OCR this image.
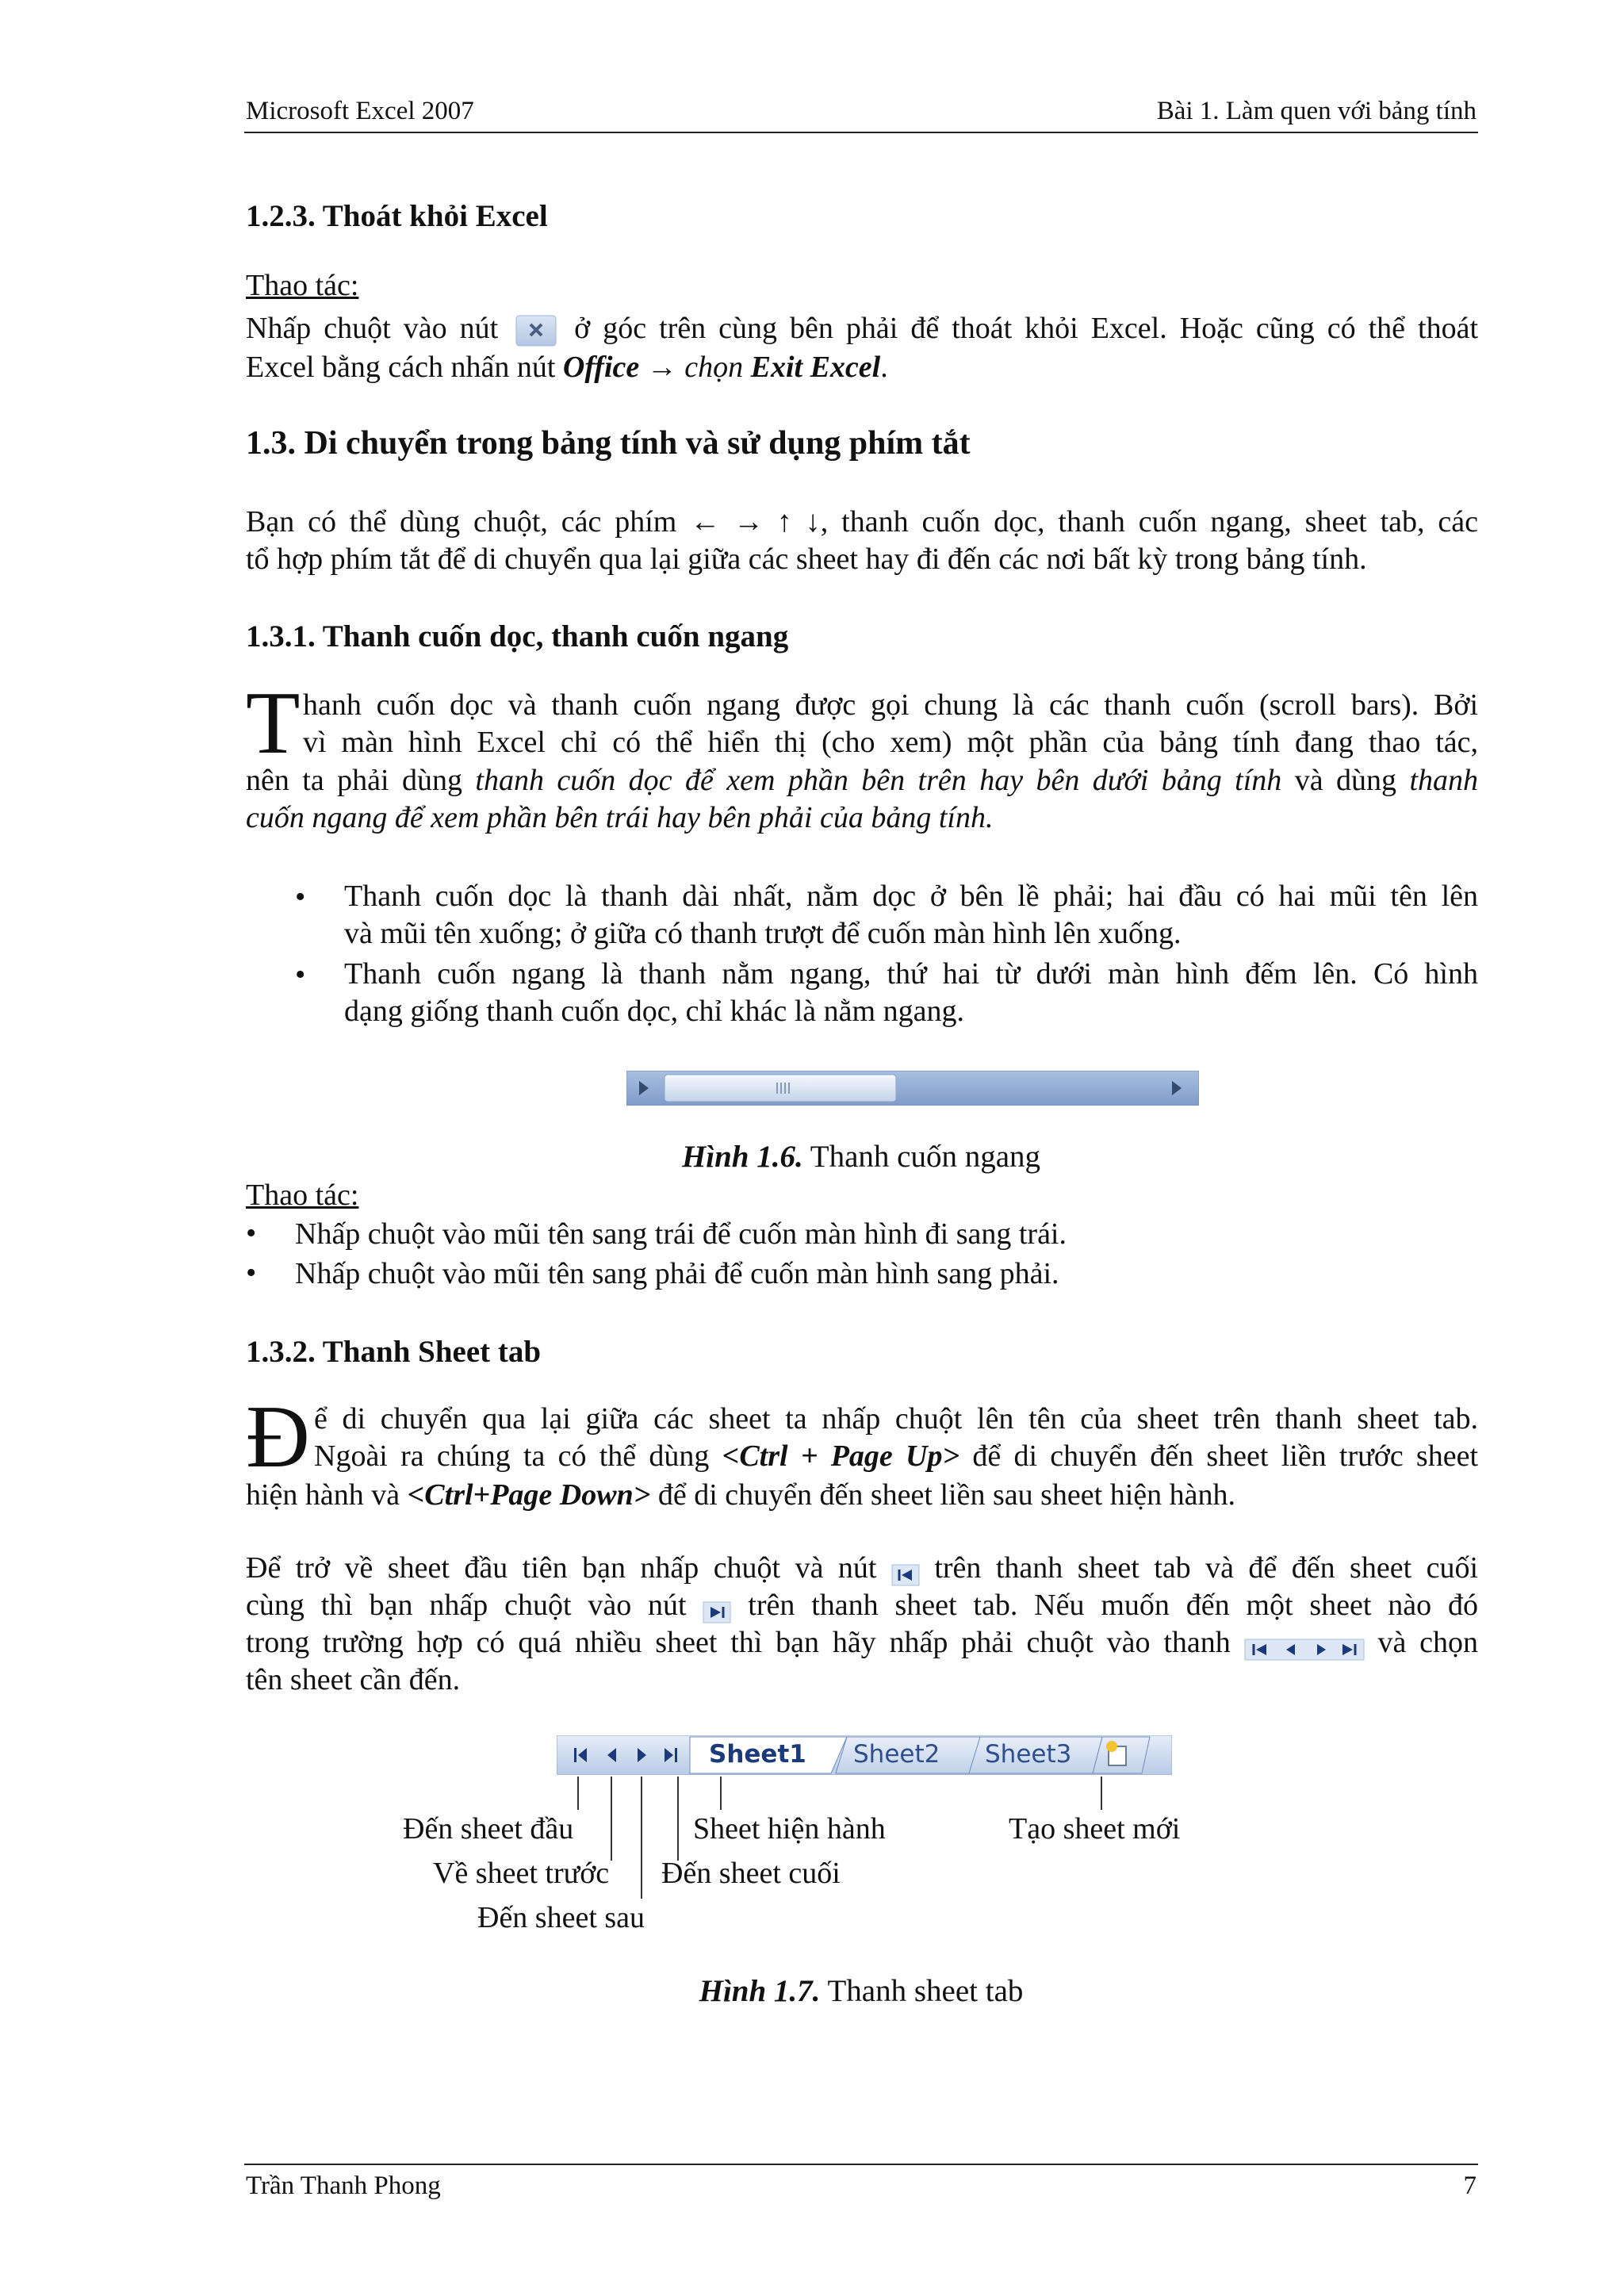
Microsoft Excel 2007	Bài 1. Làm quen với bảng tính
1.2.3. Thoát khỏi Excel
Thao tác:
Nhấp chuột vào nút	ở góc trên cùng bên phải để thoát khỏi Excel. Hoặc cũng có thể thoát
Excel bằng cách nhấn nút Office → chọn Exit Excel.
1.3. Di chuyển trong bảng tính và sử dụng phím tắt
Bạn có thể dùng chuột, các phím ← → ↑ ↓, thanh cuốn dọc, thanh cuốn ngang, sheet tab, các
tổ hợp phím tắt để di chuyển qua lại giữa các sheet hay đi đến các nơi bất kỳ trong bảng tính.
1.3.1. Thanh cuốn dọc, thanh cuốn ngang
T hanh cuốn dọc và thanh cuốn ngang được gọi chung là các thanh cuốn (scroll bars). Bởi
vì màn hình Excel chỉ có thể hiển thị (cho xem) một phần của bảng tính đang thao tác,
nên ta phải dùng thanh cuốn dọc để xem phần bên trên hay bên dưới bảng tính và dùng thanh
cuốn ngang để xem phần bên trái hay bên phải của bảng tính.
• Thanh cuốn dọc là thanh dài nhất, nằm dọc ở bên lề phải; hai đầu có hai mũi tên lên
và mũi tên xuống; ở giữa có thanh trượt để cuốn màn hình lên xuống.
• Thanh cuốn ngang là thanh nằm ngang, thứ hai từ dưới màn hình đếm lên. Có hình
dạng giống thanh cuốn dọc, chỉ khác là nằm ngang.
Hình 1.6. Thanh cuốn ngang
Thao tác:
• Nhấp chuột vào mũi tên sang trái để cuốn màn hình đi sang trái.
• Nhấp chuột vào mũi tên sang phải để cuốn màn hình sang phải.
1.3.2. Thanh Sheet tab
Đ ể di chuyển qua lại giữa các sheet ta nhấp chuột lên tên của sheet trên thanh sheet tab.
Ngoài ra chúng ta có thể dùng <Ctrl + Page Up> để di chuyển đến sheet liền trước sheet
hiện hành và <Ctrl+Page Down> để di chuyển đến sheet liền sau sheet hiện hành.
Để trở về sheet đầu tiên bạn nhấp chuột và nút trên thanh sheet tab và để đến sheet cuối
cùng thì bạn nhấp chuột vào nút trên thanh sheet tab. Nếu muốn đến một sheet nào đó
trong trường hợp có quá nhiều sheet thì bạn hãy nhấp phải chuột vào thanh	và chọn
tên sheet cần đến.
Sheet1 Sheet2 Sheet3
Đến sheet đầu
Về sheet trước
Đến sheet sau
Sheet hiện hành
Đến sheet cuối
Tạo sheet mới
Hình 1.7. Thanh sheet tab
Trần Thanh Phong	7
